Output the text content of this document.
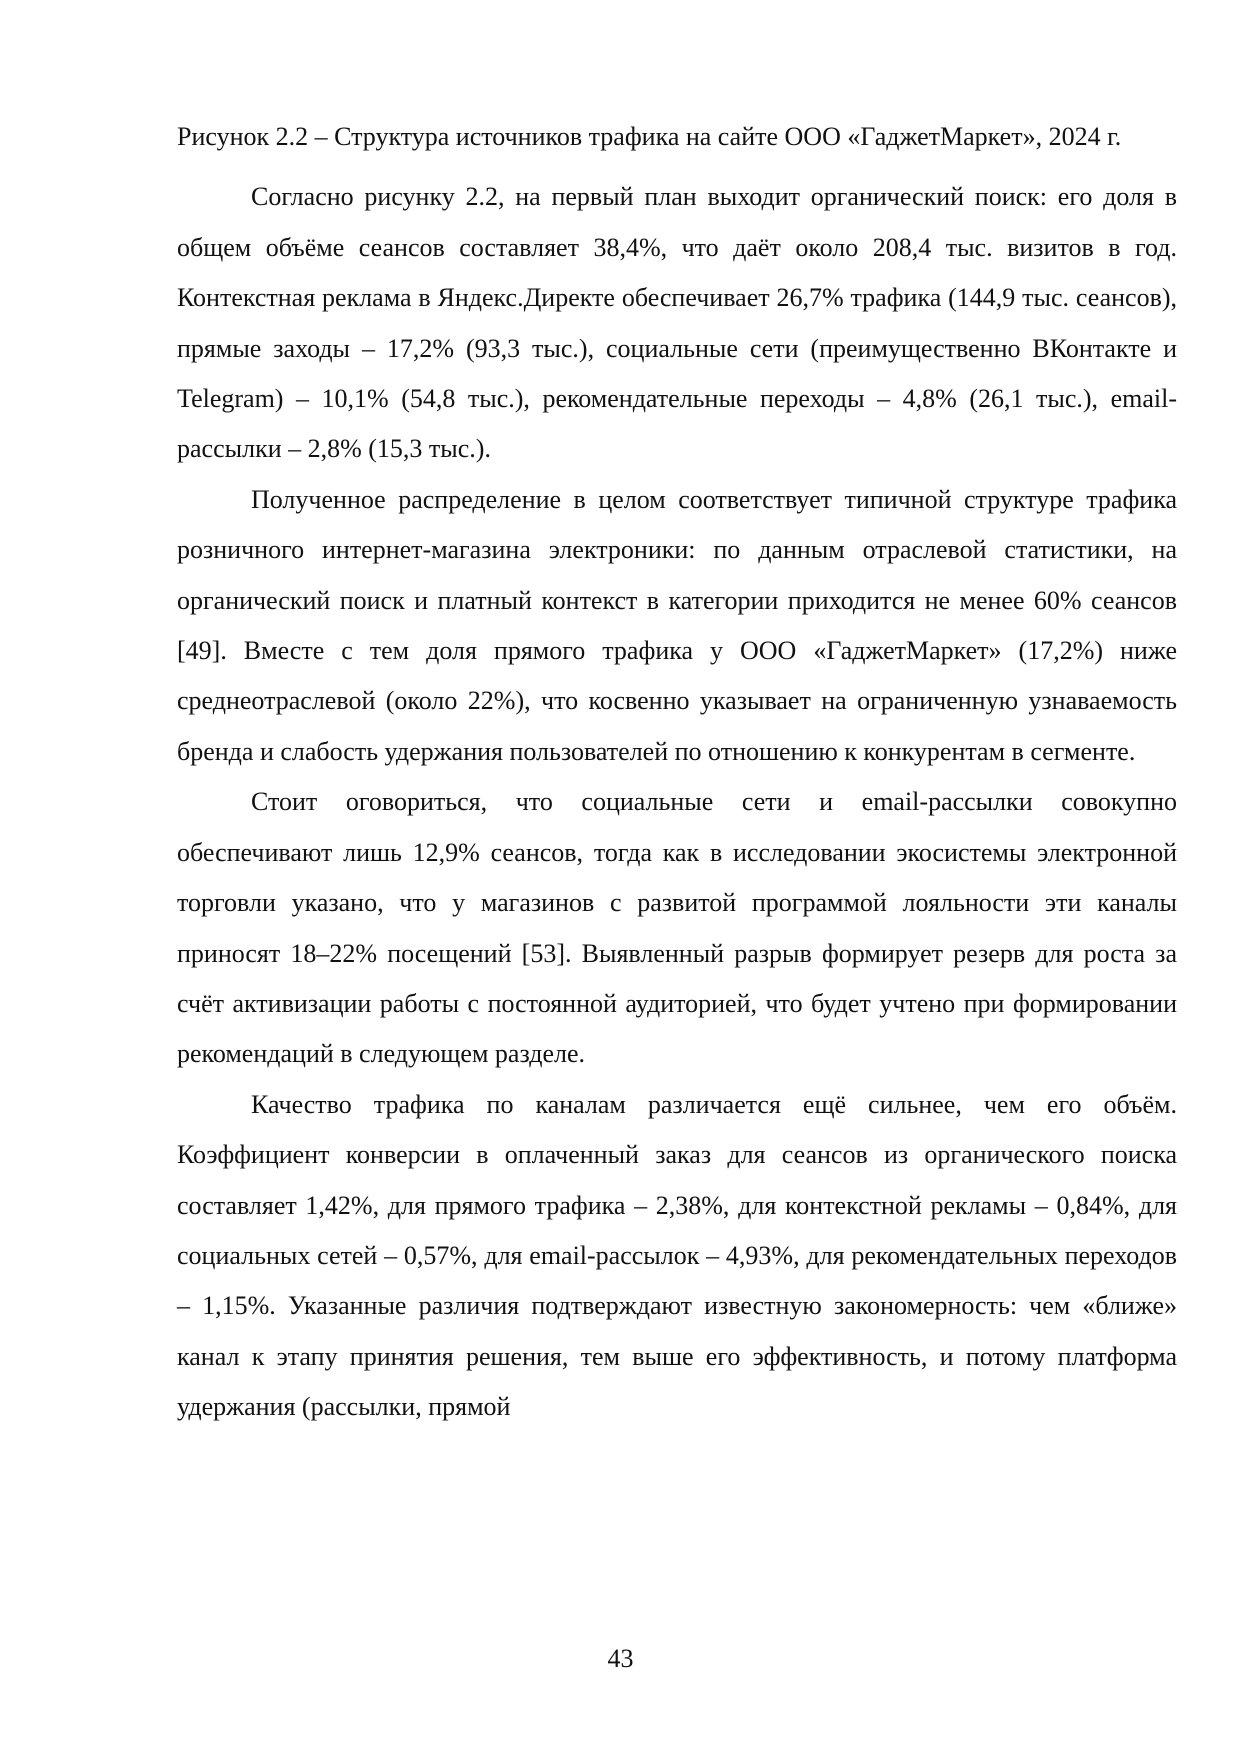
Рисунок 2.2 – Структура источников трафика на сайте ООО «ГаджетМаркет», 2024 г.

Согласно рисунку 2.2, на первый план выходит органический поиск: его доля в общем объёме сеансов составляет 38,4%, что даёт около 208,4 тыс. визитов в год. Контекстная реклама в Яндекс.Директе обеспечивает 26,7% трафика (144,9 тыс. сеансов), прямые заходы – 17,2% (93,3 тыс.), социальные сети (преимущественно ВКонтакте и Telegram) – 10,1% (54,8 тыс.), рекомендательные переходы – 4,8% (26,1 тыс.), email-рассылки – 2,8% (15,3 тыс.).

Полученное распределение в целом соответствует типичной структуре трафика розничного интернет-магазина электроники: по данным отраслевой статистики, на органический поиск и платный контекст в категории приходится не менее 60% сеансов [49]. Вместе с тем доля прямого трафика у ООО «ГаджетМаркет» (17,2%) ниже среднеотраслевой (около 22%), что косвенно указывает на ограниченную узнаваемость бренда и слабость удержания пользователей по отношению к конкурентам в сегменте.

Стоит оговориться, что социальные сети и email-рассылки совокупно обеспечивают лишь 12,9% сеансов, тогда как в исследовании экосистемы электронной торговли указано, что у магазинов с развитой программой лояльности эти каналы приносят 18–22% посещений [53]. Выявленный разрыв формирует резерв для роста за счёт активизации работы с постоянной аудиторией, что будет учтено при формировании рекомендаций в следующем разделе.

Качество трафика по каналам различается ещё сильнее, чем его объём. Коэффициент конверсии в оплаченный заказ для сеансов из органического поиска составляет 1,42%, для прямого трафика – 2,38%, для контекстной рекламы – 0,84%, для социальных сетей – 0,57%, для email-рассылок – 4,93%, для рекомендательных переходов – 1,15%. Указанные различия подтверждают известную закономерность: чем «ближе» канал к этапу принятия решения, тем выше его эффективность, и потому платформа удержания (рассылки, прямой

43
